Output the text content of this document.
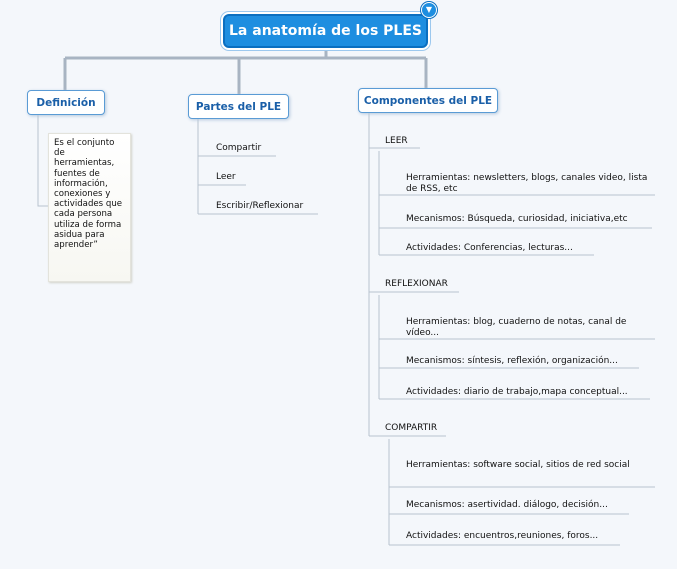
La anatomía de los PLES
▼
Definición	Partes del PLE	Componentes del PLE
Es el conjunto de herramientas, fuentes de información, conexiones y actividades que cada persona utiliza de forma asidua para aprender”
Compartir
Leer
Escribir/Reflexionar
LEER
Herramientas: newsletters, blogs, canales video, lista de RSS, etc
Mecanismos: Búsqueda, curiosidad, iniciativa,etc
Actividades: Conferencias, lecturas...
REFLEXIONAR
Herramientas: blog, cuaderno de notas, canal de vídeo...
Mecanismos: síntesis, reflexión, organización...
Actividades: diario de trabajo,mapa conceptual...
COMPARTIR
Herramientas: software social, sitios de red social
Mecanismos: asertividad. diálogo, decisión...
Actividades: encuentros,reuniones, foros...
